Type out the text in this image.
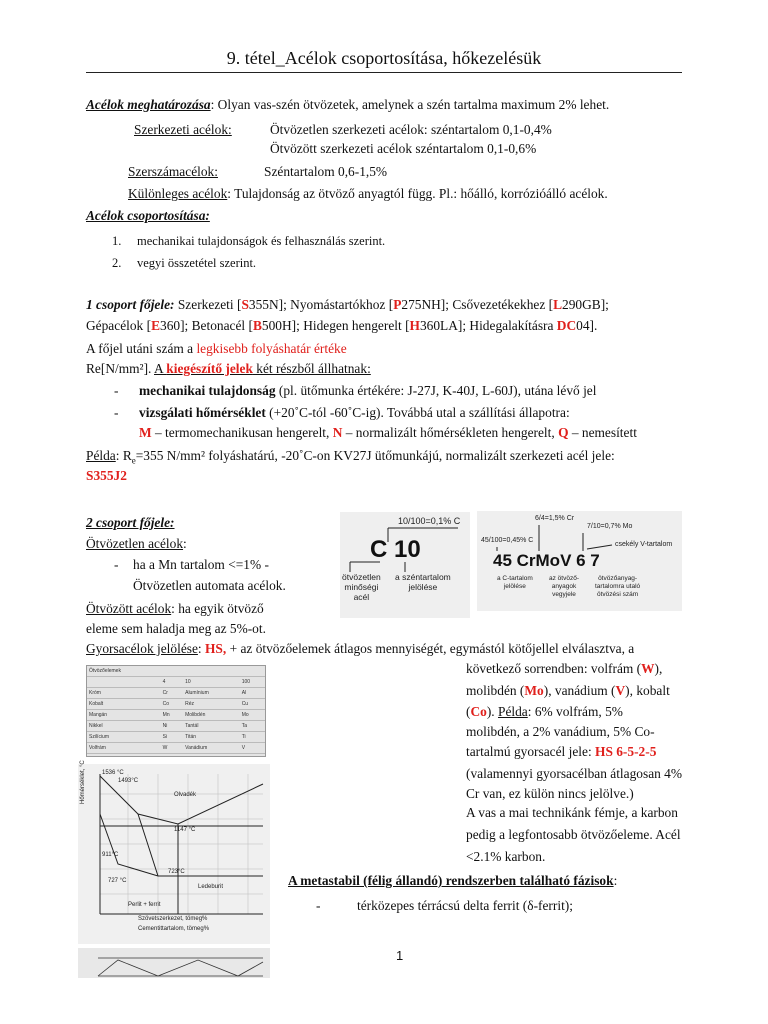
9. tétel_Acélok csoportosítása, hőkezelésük
Acélok meghatározása: Olyan vas-szén ötvözetek, amelynek a szén tartalma maximum 2% lehet.
Szerkezeti acélok:	Ötvözetlen szerkezeti acélok: széntartalom 0,1-0,4%
Ötvözött szerkezeti acélok széntartalom 0,1-0,6%
Szerszámacélok:	Széntartalom 0,6-1,5%
Különleges acélok: Tulajdonság az ötvöző anyagtól függ. Pl.: hőálló, korrózióálló acélok.
Acélok csoportosítása:
1.     mechanikai tulajdonságok és felhasználás szerint.
2.     vegyi összetétel szerint.
1 csoport főjele: Szerkezeti [S355N]; Nyomástartókhoz [P275NH]; Csővezetékekhez [L290GB];
Gépacélok [E360]; Betonacél [B500H]; Hidegen hengerelt [H360LA]; Hidegalakításra DC04].
A főjel utáni szám a legkisebb folyáshatár értéke
Re[N/mm²]. A kiegészítő jelek két részből állhatnak:
- mechanikai tulajdonság (pl. ütőmunka értékére: J-27J, K-40J, L-60J), utána lévő jel
- vizsgálati hőmérséklet (+20˚C-tól -60˚C-ig). Továbbá utal a szállítási állapotra:
M – termomechanikusan hengerelt, N – normalizált hőmérsékleten hengerelt, Q – nemesített
Példa: $R_e=355$ N/mm² folyáshatárú, -20˚C-on KV27J ütőmunkájú, normalizált szerkezeti acél jele:
S355J2
2 csoport főjele:
Ötvözetlen acélok:
- ha a Mn tartalom <=1% -
Ötvözetlen automata acélok.
Ötvözött acélok: ha egyik ötvöző
eleme sem haladja meg az 5%-ot.
10/100=0,1% C
C 10
ötvözetlen
minőségi
acél
a széntartalom
jelölése
6/4=1,5% Cr
7/10=0,7% Mo
45/100=0,45% C
csekély V-tartalom
45 CrMoV 6 7
a C-tartalom
jelölése
az ötvöző-
anyagok
vegyjele
ötvözőanyag-
tartalomra utaló
ötvözési szám
Gyorsacélok jelölése: HS, + az ötvözőelemek átlagos mennyiségét, egymástól kötőjellel elválasztva, a
következő sorrendben: volfrám (W),
molibdén (Mo), vanádium (V), kobalt
(Co). Példa: 6% volfrám, 5%
molibdén, a 2% vanádium, 5% Co-
tartalmú gyorsacél jele: HS 6-5-2-5
(valamennyi gyorsacélban átlagosan 4%
Cr van, ez külön nincs jelölve.)
A vas a mai technikánk fémje, a karbon
pedig a legfontosabb ötvözőeleme. Acél
<2.1% karbon.
Ötvözőelemek			
	4	10	100
Króm	Cr	Alumínium	Al
Kobalt	Co	Réz	Cu
Mangán	Mn	Molibdén	Mo
Nikkel	Ni	Tantál	Ta
Szilícium	Si	Titán	Ti
Volfrám	W	Vanádium	V
Hőmérséklet, °C	1536 °C
1493°C
Olvadék
1147 °C
911°C
723°C
727 °C
Ledeburit
Perlit + ferrit
Szövetszerkezet, tömeg%
Cementittartalom, tömeg%
A metastabil (félig állandó) rendszerben található fázisok:
-	térközepes térrácsú delta ferrit (δ-ferrit);
1
